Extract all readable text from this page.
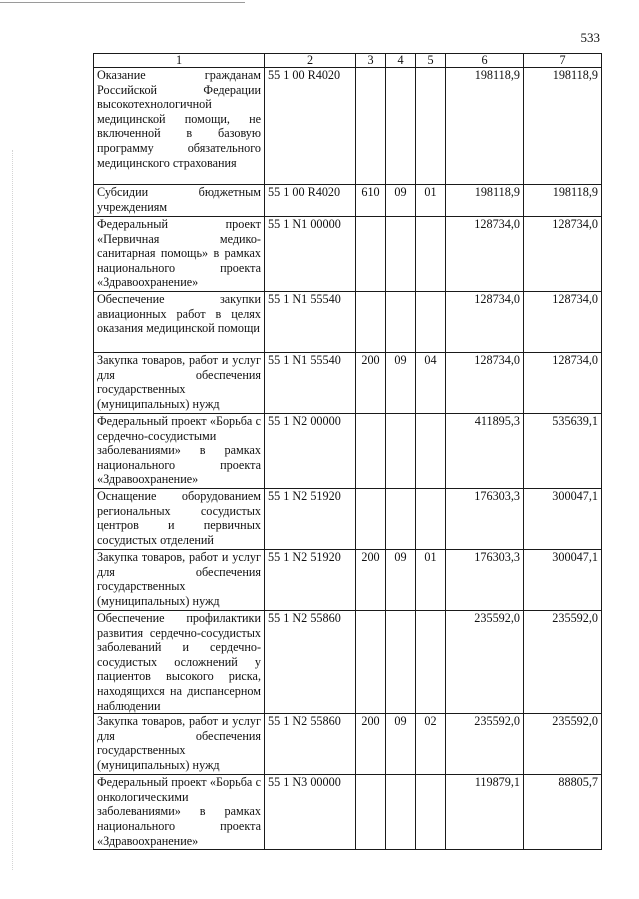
533
1	2	3	4	5	6	7
Оказание гражданам Российской Федерации высокотехнологичной медицинской помощи, не включенной в базовую программу обязательного медицинского страхования	55 1 00 R4020				198118,9	198118,9
Субсидии бюджетным учреждениям	55 1 00 R4020	610	09	01	198118,9	198118,9
Федеральный проект «Первичная медико-санитарная помощь» в рамках национального проекта «Здравоохранение»	55 1 N1 00000				128734,0	128734,0
Обеспечение закупки авиационных работ в целях оказания медицинской помощи	55 1 N1 55540				128734,0	128734,0
Закупка товаров, работ и услуг для обеспечения государственных (муниципальных) нужд	55 1 N1 55540	200	09	04	128734,0	128734,0
Федеральный проект «Борьба с сердечно-сосудистыми заболеваниями» в рамках национального проекта «Здравоохранение»	55 1 N2 00000				411895,3	535639,1
Оснащение оборудованием региональных сосудистых центров и первичных сосудистых отделений	55 1 N2 51920				176303,3	300047,1
Закупка товаров, работ и услуг для обеспечения государственных (муниципальных) нужд	55 1 N2 51920	200	09	01	176303,3	300047,1
Обеспечение профилактики развития сердечно-сосудистых заболеваний и сердечно-сосудистых осложнений у пациентов высокого риска, находящихся на диспансерном наблюдении	55 1 N2 55860				235592,0	235592,0
Закупка товаров, работ и услуг для обеспечения государственных (муниципальных) нужд	55 1 N2 55860	200	09	02	235592,0	235592,0
Федеральный проект «Борьба с онкологическими заболеваниями» в рамках национального проекта «Здравоохранение»	55 1 N3 00000				119879,1	88805,7
